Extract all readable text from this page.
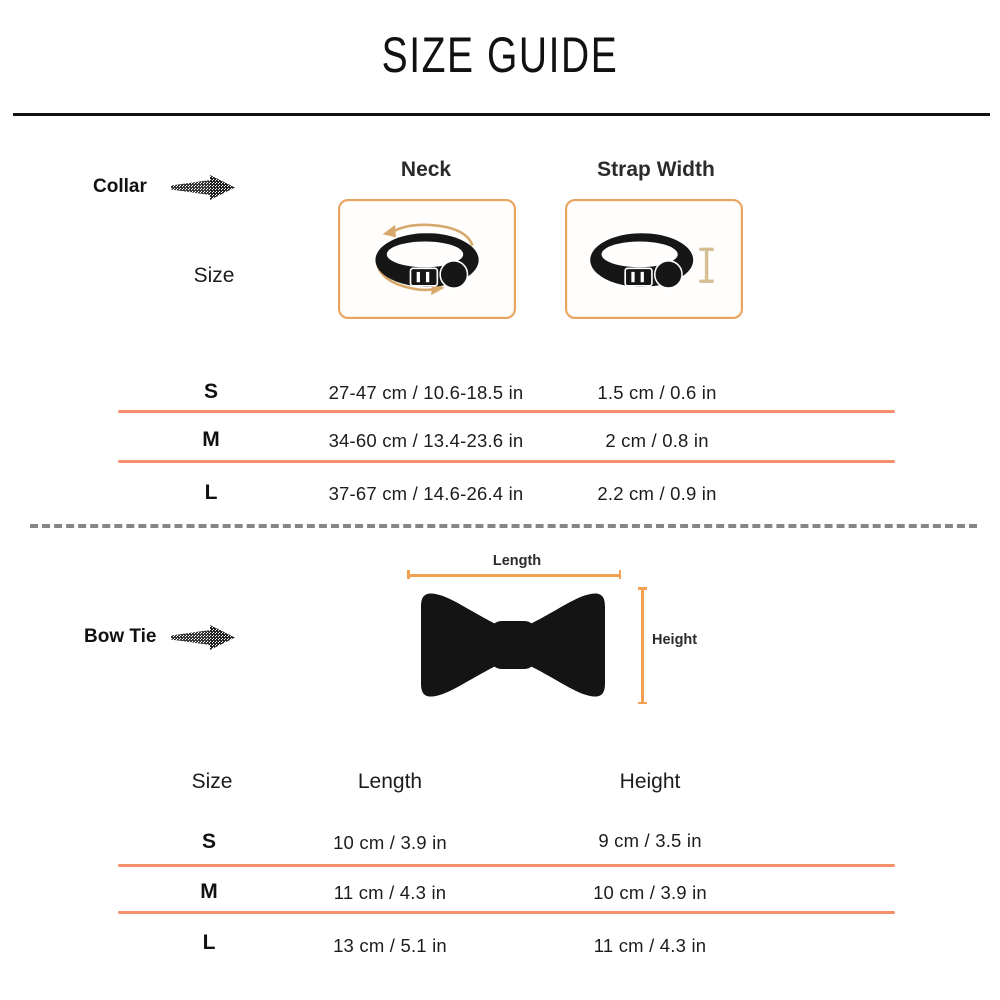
SIZE GUIDE
Collar
Neck	Strap Width
Size
S	27-47 cm / 10.6-18.5 in	1.5 cm / 0.6 in
M	34-60 cm / 13.4-23.6 in	2 cm / 0.8 in
L	37-67 cm / 14.6-26.4 in	2.2 cm / 0.9 in
Bow Tie
Length
Height
Size	Length	Height
S	10 cm / 3.9 in	9 cm / 3.5 in
M	11 cm / 4.3 in	10 cm / 3.9 in
L	13 cm / 5.1 in	11 cm / 4.3 in
